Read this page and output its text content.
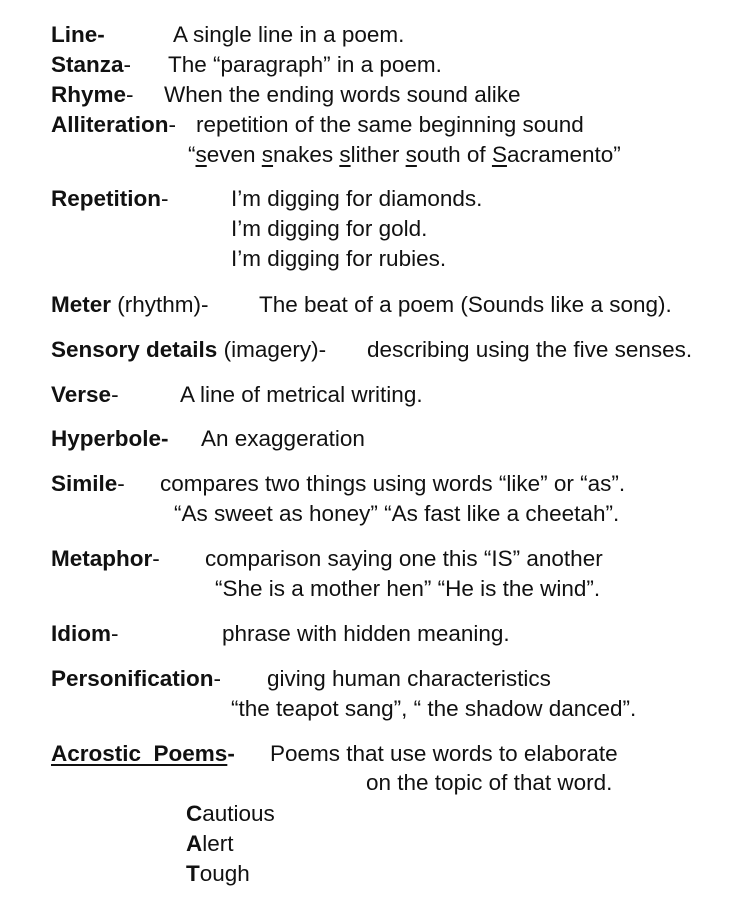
Line-	A single line in a poem.
Stanza- The “paragraph” in a poem.
Rhyme- When the ending words sound alike
Alliteration- repetition of the same beginning sound
“seven snakes slither south of Sacramento”
Repetition-	I’m digging for diamonds.
I’m digging for gold.
I’m digging for rubies.
Meter (rhythm)- The beat of a poem (Sounds like a song).
Sensory details (imagery)- describing using the five senses.
Verse-	A line of metrical writing.
Hyperbole- An exaggeration
Simile- compares two things using words “like” or “as”.
“As sweet as honey” “As fast like a cheetah”.
Metaphor- comparison saying one this “IS” another
“She is a mother hen” “He is the wind”.
Idiom-	phrase with hidden meaning.
Personification- giving human characteristics
“the teapot sang”, “ the shadow danced”.
Acrostic  Poems- Poems that use words to elaborate
on the topic of that word.
Cautious
Alert
Tough
